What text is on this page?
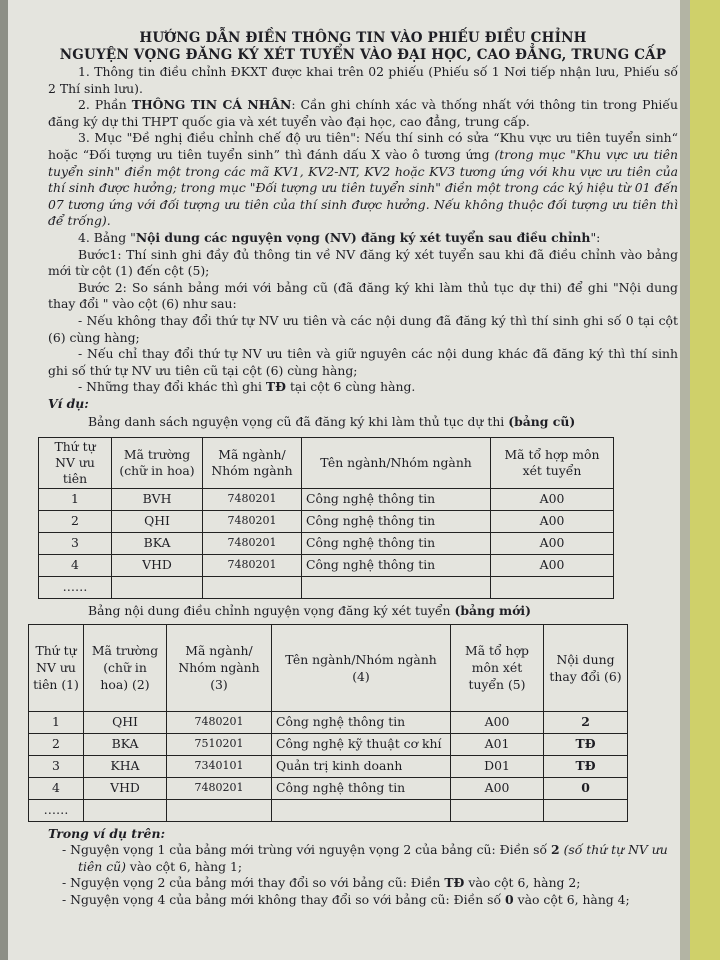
HƯỚNG DẪN ĐIỀN THÔNG TIN VÀO PHIẾU ĐIỀU CHỈNH

NGUYỆN VỌNG ĐĂNG KÝ XÉT TUYỂN VÀO ĐẠI HỌC, CAO ĐẲNG, TRUNG CẤP

1. Thông tin điều chỉnh ĐKXT được khai trên 02 phiếu (Phiếu số 1 Nơi tiếp nhận lưu, Phiếu số 2 Thí sinh lưu).

2. Phần THÔNG TIN CÁ NHÂN: Cần ghi chính xác và thống nhất với thông tin trong Phiếu đăng ký dự thi THPT quốc gia và xét tuyển vào đại học, cao đẳng, trung cấp.

3. Mục "Đề nghị điều chỉnh chế độ ưu tiên": Nếu thí sinh có sửa “Khu vực ưu tiên tuyển sinh“ hoặc “Đối tượng ưu tiên tuyển sinh” thì đánh dấu X vào ô tương ứng (trong mục "Khu vực ưu tiên tuyển sinh" điền một trong các mã KV1, KV2-NT, KV2 hoặc KV3 tương ứng với khu vực ưu tiên của thí sinh được hưởng; trong mục "Đối tượng ưu tiên tuyển sinh" điền một trong các ký hiệu từ 01 đến 07 tương ứng với đối tượng ưu tiên của thí sinh được hưởng. Nếu không thuộc đối tượng ưu tiên thì để trống).

4. Bảng "Nội dung các nguyện vọng (NV) đăng ký xét tuyển sau điều chỉnh":

Bước1: Thí sinh ghi đầy đủ thông tin về NV đăng ký xét tuyển sau khi đã điều chỉnh vào bảng mới từ cột (1) đến cột (5);

Bước 2: So sánh bảng mới với bảng cũ (đã đăng ký khi làm thủ tục dự thi) để ghi "Nội dung thay đổi " vào cột (6) như sau:

- Nếu không thay đổi thứ tự NV ưu tiên và các nội dung đã đăng ký thì thí sinh ghi số 0 tại cột (6) cùng hàng;

- Nếu chỉ thay đổi thứ tự NV ưu tiên và giữ nguyên các nội dung khác đã đăng ký thì thí sinh ghi số thứ tự NV ưu tiên cũ tại cột (6) cùng hàng;

- Những thay đổi khác thì ghi TĐ tại cột 6 cùng hàng.

Ví dụ:

Bảng danh sách nguyện vọng cũ đã đăng ký khi làm thủ tục dự thi (bảng cũ)

Thứ tự NV ưu tiên	Mã trường (chữ in hoa)	Mã ngành/ Nhóm ngành	Tên ngành/Nhóm ngành	Mã tổ hợp môn xét tuyển
1	BVH	7480201	Công nghệ thông tin	A00
2	QHI	7480201	Công nghệ thông tin	A00
3	BKA	7480201	Công nghệ thông tin	A00
4	VHD	7480201	Công nghệ thông tin	A00
……				

Bảng nội dung điều chỉnh nguyện vọng đăng ký xét tuyển (bảng mới)

Thứ tự NV ưu tiên (1)	Mã trường (chữ in hoa) (2)	Mã ngành/ Nhóm ngành (3)	Tên ngành/Nhóm ngành (4)	Mã tổ hợp môn xét tuyển (5)	Nội dung thay đổi (6)
1	QHI	7480201	Công nghệ thông tin	A00	2
2	BKA	7510201	Công nghệ kỹ thuật cơ khí	A01	TĐ
3	KHA	7340101	Quản trị kinh doanh	D01	TĐ
4	VHD	7480201	Công nghệ thông tin	A00	0
……					

Trong ví dụ trên:

- Nguyện vọng 1 của bảng mới trùng với nguyện vọng 2 của bảng cũ: Điền số 2 (số thứ tự NV ưu tiên cũ) vào cột 6, hàng 1;

- Nguyện vọng 2 của bảng mới thay đổi so với bảng cũ: Điền TĐ vào cột 6, hàng 2;

- Nguyện vọng 4 của bảng mới không thay đổi so với bảng cũ: Điền số 0 vào cột 6, hàng 4;
